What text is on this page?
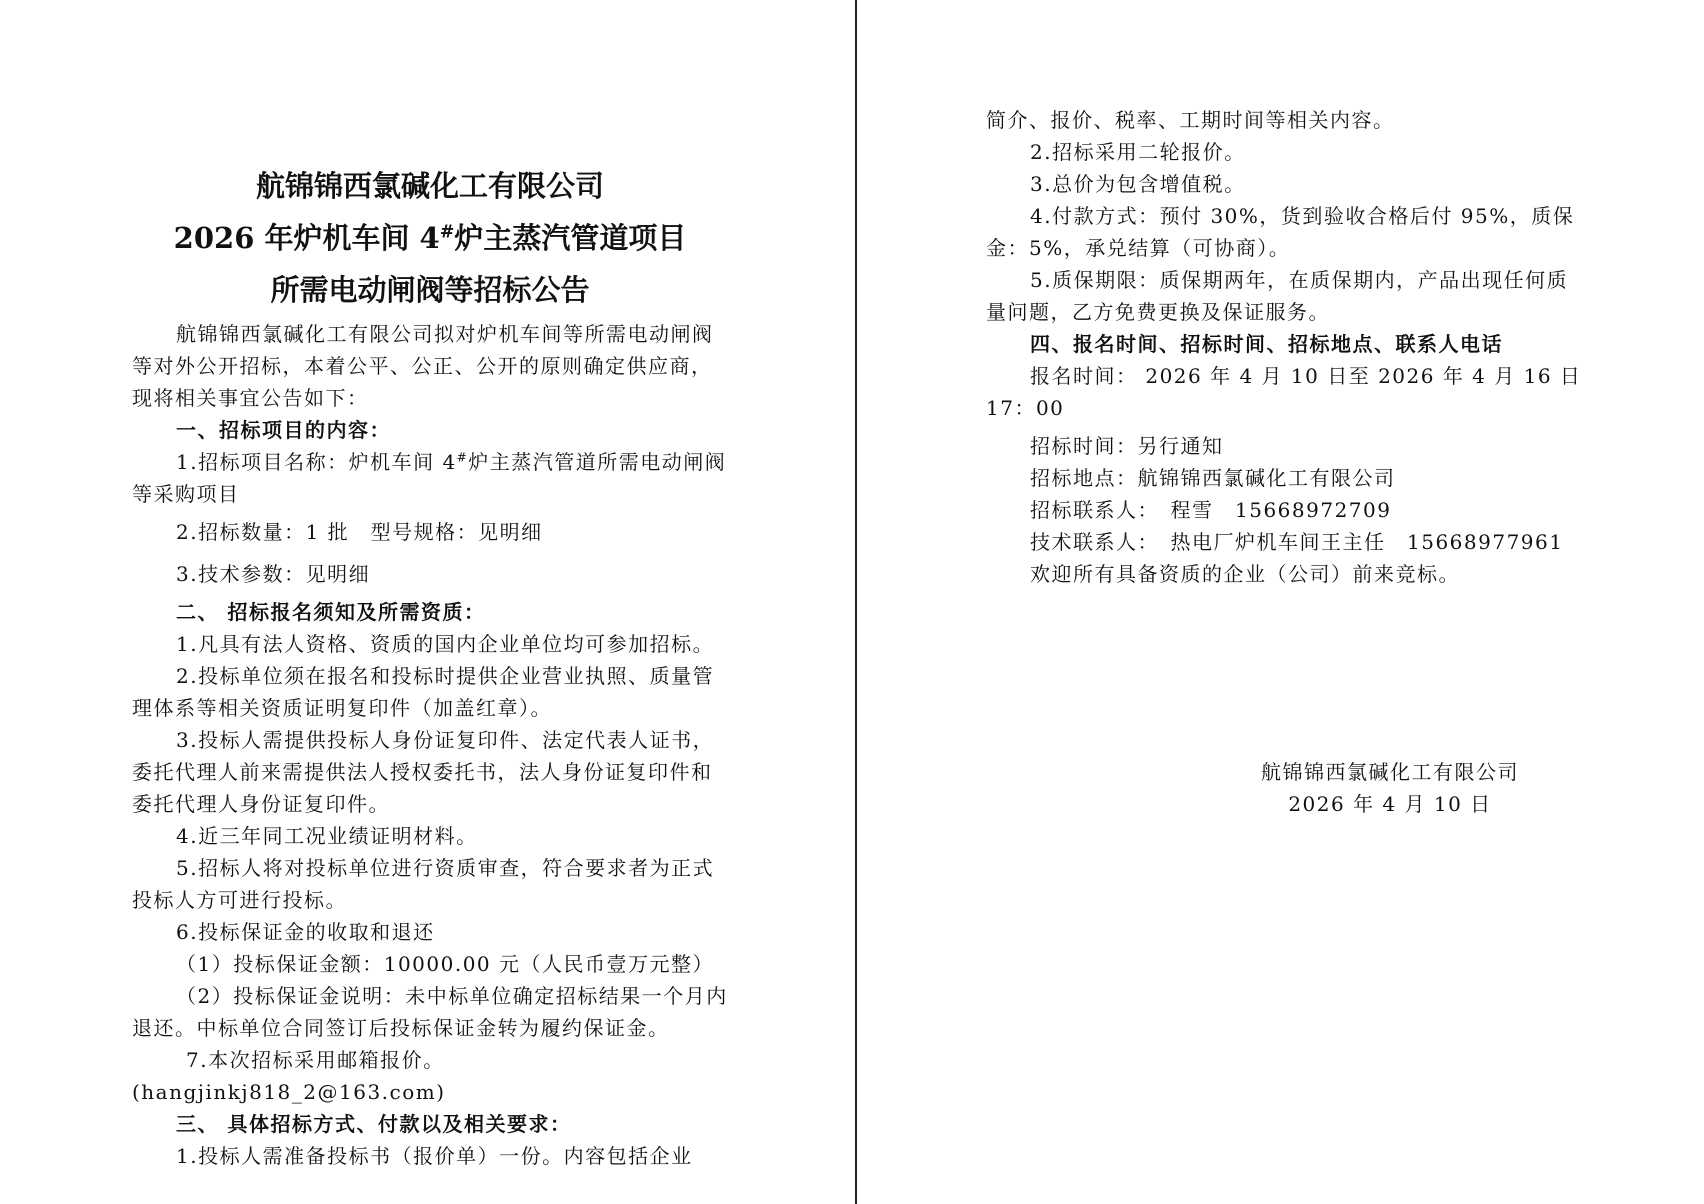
航锦锦西氯碱化工有限公司
2026 年炉机车间 4#炉主蒸汽管道项目
所需电动闸阀等招标公告

航锦锦西氯碱化工有限公司拟对炉机车间等所需电动闸阀等对外公开招标，本着公平、公正、公开的原则确定供应商，现将相关事宜公告如下：

一、招标项目的内容：

1.招标项目名称：炉机车间 4#炉主蒸汽管道所需电动闸阀等采购项目

2.招标数量：1 批　型号规格：见明细

3.技术参数：见明细

二、 招标报名须知及所需资质：

1.凡具有法人资格、资质的国内企业单位均可参加招标。

2.投标单位须在报名和投标时提供企业营业执照、质量管理体系等相关资质证明复印件（加盖红章）。

3.投标人需提供投标人身份证复印件、法定代表人证书，委托代理人前来需提供法人授权委托书，法人身份证复印件和委托代理人身份证复印件。

4.近三年同工况业绩证明材料。

5.招标人将对投标单位进行资质审查，符合要求者为正式投标人方可进行投标。

6.投标保证金的收取和退还

（1）投标保证金额：10000.00 元（人民币壹万元整）

（2）投标保证金说明：未中标单位确定招标结果一个月内退还。中标单位合同签订后投标保证金转为履约保证金。

7.本次招标采用邮箱报价。(hangjinkj818_2@163.com)

三、 具体招标方式、付款以及相关要求：

1.投标人需准备投标书（报价单）一份。内容包括企业

简介、报价、税率、工期时间等相关内容。

2.招标采用二轮报价。

3.总价为包含增值税。

4.付款方式：预付 30%，货到验收合格后付 95%，质保金：5%，承兑结算（可协商）。

5.质保期限：质保期两年，在质保期内，产品出现任何质量问题，乙方免费更换及保证服务。

四、报名时间、招标时间、招标地点、联系人电话

报名时间： 2026 年 4 月 10 日至 2026 年 4 月 16 日 17：00

招标时间：另行通知

招标地点：航锦锦西氯碱化工有限公司

招标联系人：　程雪　15668972709

技术联系人：　热电厂炉机车间王主任　15668977961

欢迎所有具备资质的企业（公司）前来竞标。

航锦锦西氯碱化工有限公司
2026 年 4 月 10 日
